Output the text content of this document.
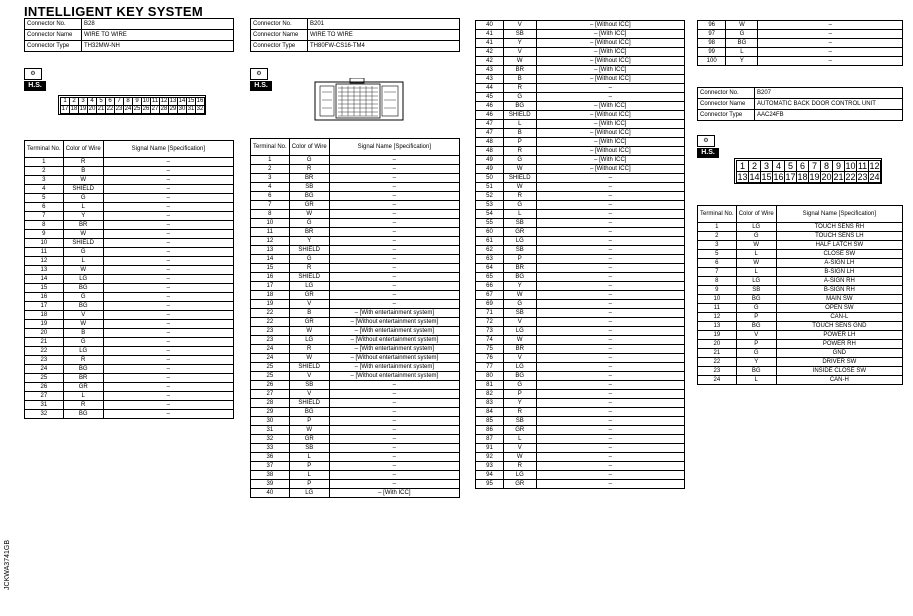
INTELLIGENT KEY SYSTEM
JCKWA3741GB
Connector No.	B28
Connector Name	WIRE TO WIRE
Connector Type	TH32MW-NH
⚙
H.S.
1 2 3 4 5 6 7 8 9 10 11 12 13 14 15 16
17 18 19 20 21 22 23 24 25 26 27 28 29 30 31 32
Terminal No.	Color of Wire	Signal Name [Specification]
1	R	–
2	B	–
3	W	–
4	SHIELD	–
5	G	–
6	L	–
7	Y	–
8	BR	–
9	W	–
10	SHIELD	–
11	G	–
12	L	–
13	W	–
14	LG	–
15	BG	–
16	G	–
17	BG	–
18	V	–
19	W	–
20	B	–
21	G	–
22	LG	–
23	R	–
24	BG	–
25	BR	–
26	GR	–
27	L	–
31	R	–
32	BG	–
Connector No.	B201
Connector Name	WIRE TO WIRE
Connector Type	TH80FW-CS16-TM4
⚙
H.S.
Terminal No.	Color of Wire	Signal Name [Specification]
1	G	–
2	R	–
3	BR	–
4	SB	–
6	BG	–
7	GR	–
8	W	–
10	G	–
11	BR	–
12	Y	–
13	SHIELD	–
14	G	–
15	R	–
16	SHIELD	–
17	LG	–
18	GR	–
19	V	–
22	B	– [With entertainment system]
22	GR	– [Without entertainment system]
23	W	– [With entertainment system]
23	LG	– [Without entertainment system]
24	R	– [With entertainment system]
24	W	– [Without entertainment system]
25	SHIELD	– [With entertainment system]
25	V	– [Without entertainment system]
26	SB	–
27	V	–
28	SHIELD	–
29	BG	–
30	P	–
31	W	–
32	GR	–
33	SB	–
36	L	–
37	P	–
38	L	–
39	P	–
40	LG	– [With ICC]
40	V	– [Without ICC]
41	SB	– [With ICC]
41	Y	– [Without ICC]
42	V	– [With ICC]
42	W	– [Without ICC]
43	BR	– [With ICC]
43	B	– [Without ICC]
44	R	–
45	G	–
46	BG	– [With ICC]
46	SHIELD	– [Without ICC]
47	L	– [With ICC]
47	B	– [Without ICC]
48	P	– [With ICC]
48	R	– [Without ICC]
49	G	– [With ICC]
49	W	– [Without ICC]
50	SHIELD	–
51	W	–
52	R	–
53	G	–
54	L	–
55	SB	–
60	GR	–
61	LG	–
62	SB	–
63	P	–
64	BR	–
65	BG	–
66	Y	–
67	W	–
69	G	–
71	SB	–
72	V	–
73	LG	–
74	W	–
75	BR	–
76	V	–
77	LG	–
80	BG	–
81	G	–
82	P	–
83	Y	–
84	R	–
85	SB	–
86	GR	–
87	L	–
91	V	–
92	W	–
93	R	–
94	LG	–
95	GR	–
96	W	–
97	G	–
98	BG	–
99	L	–
100	Y	–
Connector No.	B207
Connector Name	AUTOMATIC BACK DOOR CONTROL UNIT
Connector Type	AAC24FB
⚙
H.S.
1 2 3 4 5 6 7 8 9 10 11 12
13 14 15 16 17 18 19 20 21 22 23 24
Terminal No.	Color of Wire	Signal Name [Specification]
1	LG	TOUCH SENS RH
2	G	TOUCH SENS LH
3	W	HALF LATCH SW
5	L	CLOSE SW
6	W	A-SIGN LH
7	L	B-SIGN LH
8	LG	A-SIGN RH
9	SB	B-SIGN RH
10	BG	MAIN SW
11	G	OPEN SW
12	P	CAN-L
13	BG	TOUCH SENS GND
19	V	POWER LH
20	P	POWER RH
21	G	GND
22	Y	DRIVER SW
23	BG	INSIDE CLOSE SW
24	L	CAN-H
